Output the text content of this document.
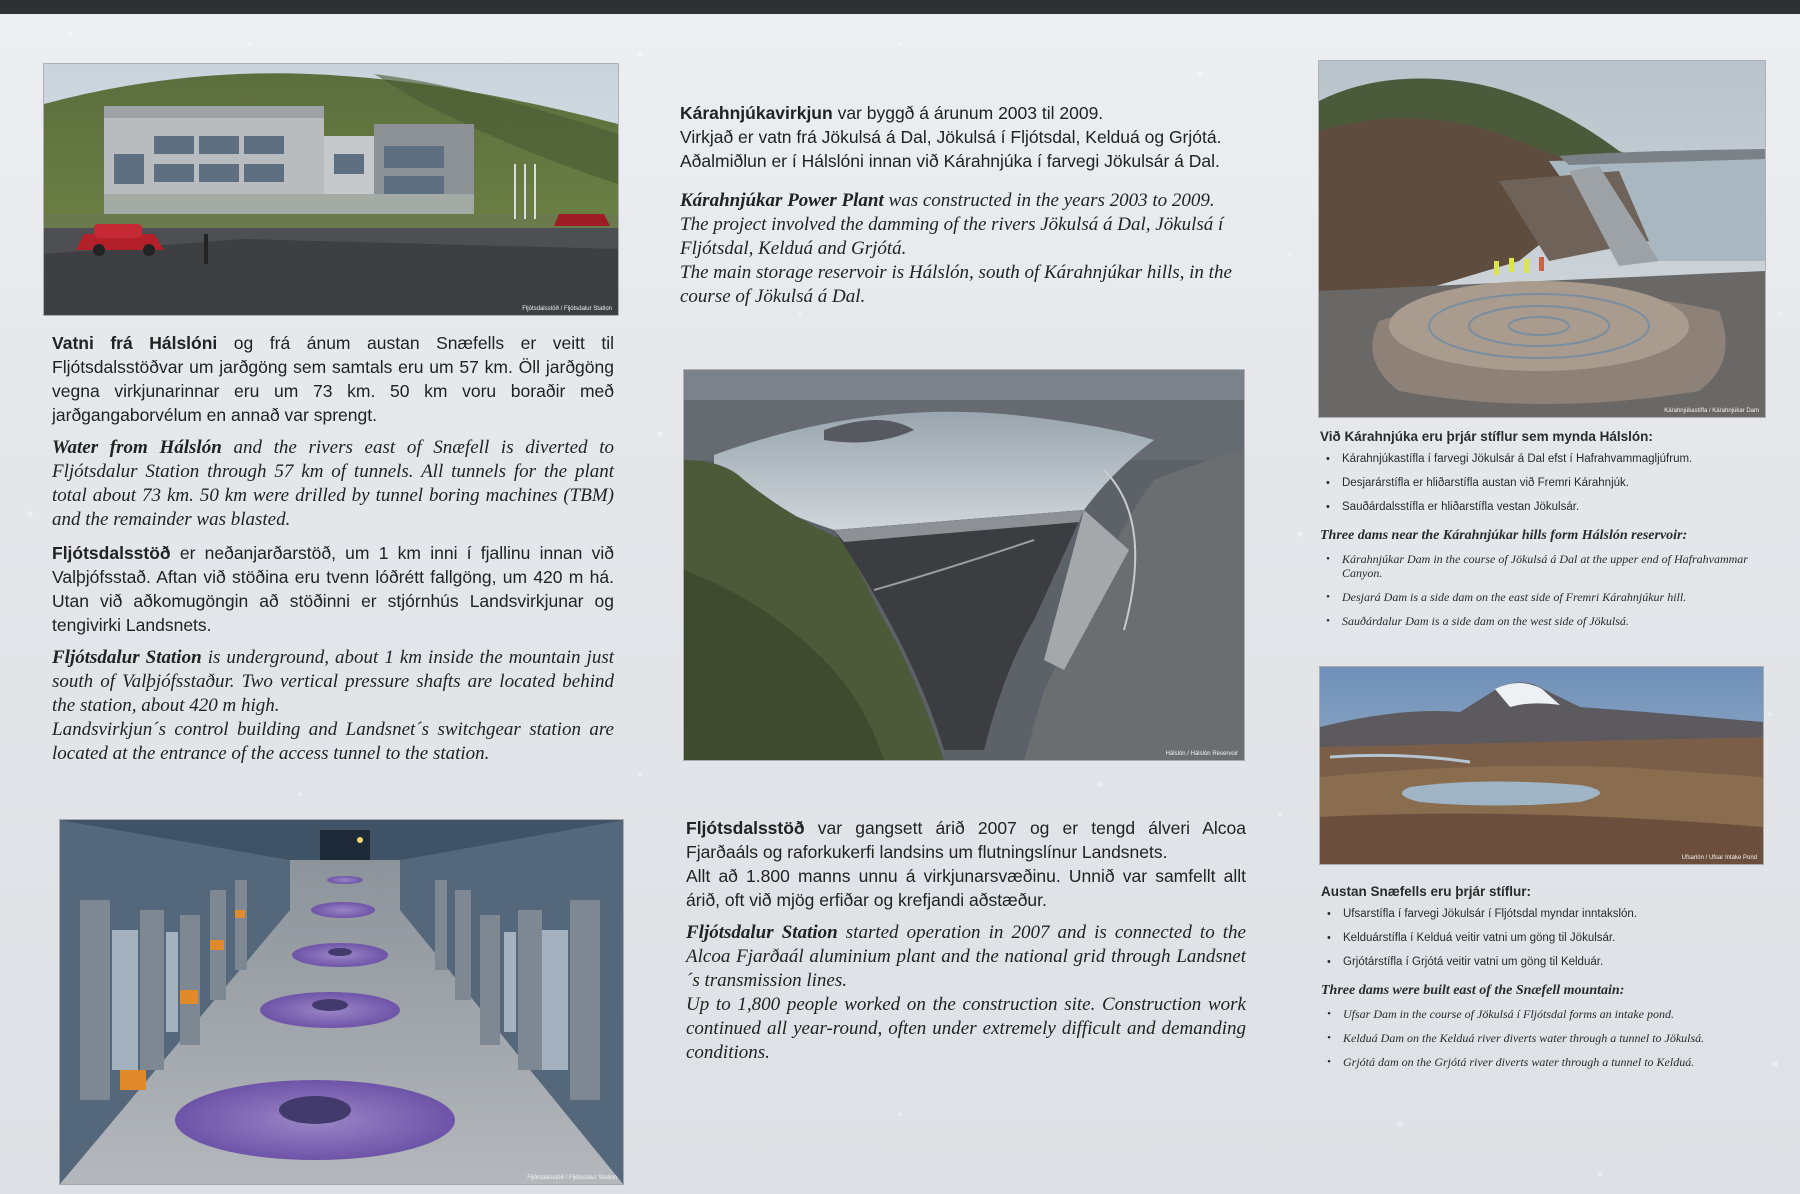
Fljótsdalsstöð / Fljótsdalur Station

Vatni frá Hálslóni og frá ánum austan Snæfells er veitt til Fljótsdalsstöðvar um jarðgöng sem samtals eru um 57 km. Öll jarðgöng vegna virkjunarinnar eru um 73 km. 50 km voru boraðir með jarðgangaborvélum en annað var sprengt.

Water from Hálslón and the rivers east of Snæfell is diverted to Fljótsdalur Station through 57 km of tunnels. All tunnels for the plant total about 73 km. 50 km were drilled by tunnel boring machines (TBM) and the remainder was blasted.

Fljótsdalsstöð er neðanjarðarstöð, um 1 km inni í fjallinu innan við Valþjófsstað. Aftan við stöðina eru tvenn lóðrétt fallgöng, um 420 m há. Utan við aðkomugöngin að stöðinni er stjórnhús Landsvirkjunar og tengivirki Landsnets.

Fljótsdalur Station is underground, about 1 km inside the mountain just south of Valþjófsstaður. Two vertical pressure shafts are located behind the station, about 420 m high.
Landsvirkjun´s control building and Landsnet´s switchgear station are located at the entrance of the access tunnel to the station.

Fljótsdalsstöð / Fljótsdalur Station

Kárahnjúkavirkjun var byggð á árunum 2003 til 2009.
Virkjað er vatn frá Jökulsá á Dal, Jökulsá í Fljótsdal, Kelduá og Grjótá.
Aðalmiðlun er í Hálslóni innan við Kárahnjúka í farvegi Jökulsár á Dal.

Kárahnjúkar Power Plant was constructed in the years 2003 to 2009.
The project involved the damming of the rivers Jökulsá á Dal, Jökulsá í Fljótsdal, Kelduá and Grjótá.
The main storage reservoir is Hálslón, south of Kárahnjúkar hills, in the course of Jökulsá á Dal.

Hálslón / Hálslón Reservoir

Fljótsdalsstöð var gangsett árið 2007 og er tengd álveri Alcoa Fjarðaáls og raforkukerfi landsins um flutningslínur Landsnets.
Allt að 1.800 manns unnu á virkjunarsvæðinu. Unnið var samfellt allt árið, oft við mjög erfiðar og krefjandi aðstæður.

Fljótsdalur Station started operation in 2007 and is connected to the Alcoa Fjarðaál aluminium plant and the national grid through Landsnet´s transmission lines.
Up to 1,800 people worked on the construction site. Construction work continued all year-round, often under extremely difficult and demanding conditions.

Kárahnjúkastífla / Kárahnjúkar Dam
Við Kárahnjúka eru þrjár stíflur sem mynda Hálslón:
• Kárahnjúkastífla í farvegi Jökulsár á Dal efst í Hafrahvammagljúfrum.
• Desjarárstífla er hliðarstífla austan við Fremri Kárahnjúk.
• Sauðárdalsstífla er hliðarstífla vestan Jökulsár.
Three dams near the Kárahnjúkar hills form Hálslón reservoir:
• Kárahnjúkar Dam in the course of Jökulsá á Dal at the upper end of Hafrahvammar Canyon.
• Desjará Dam is a side dam on the east side of Fremri Kárahnjúkur hill.
• Sauðárdalur Dam is a side dam on the west side of Jökulsá.
Ufsarlón / Ufsar Intake Pond
Austan Snæfells eru þrjár stíflur:
• Ufsarstífla í farvegi Jökulsár í Fljótsdal myndar inntakslón.
• Kelduárstífla í Kelduá veitir vatni um göng til Jökulsár.
• Grjótárstífla í Grjótá veitir vatni um göng til Kelduár.
Three dams were built east of the Snæfell mountain:
• Ufsar Dam in the course of Jökulsá í Fljótsdal forms an intake pond.
• Kelduá Dam on the Kelduá river diverts water through a tunnel to Jökulsá.
• Grjótá dam on the Grjótá river diverts water through a tunnel to Kelduá.
